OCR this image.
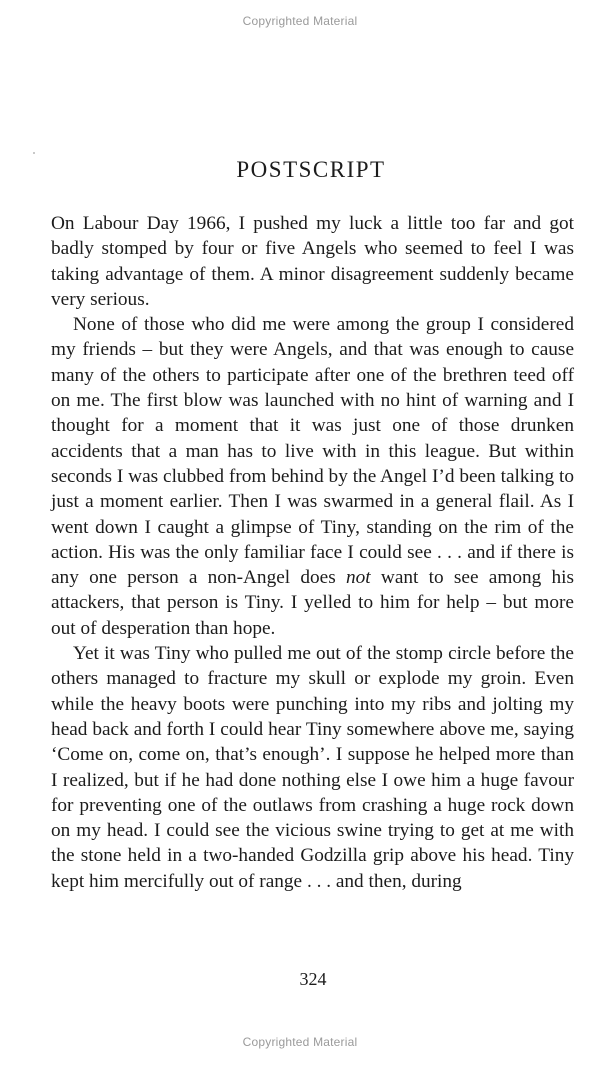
Copyrighted Material
POSTSCRIPT

On Labour Day 1966, I pushed my luck a little too far and got badly stomped by four or five Angels who seemed to feel I was taking advantage of them. A minor disagreement suddenly became very serious.

None of those who did me were among the group I considered my friends – but they were Angels, and that was enough to cause many of the others to participate after one of the brethren teed off on me. The first blow was launched with no hint of warning and I thought for a moment that it was just one of those drunken accidents that a man has to live with in this league. But within seconds I was clubbed from behind by the Angel I’d been talking to just a moment earlier. Then I was swarmed in a general flail. As I went down I caught a glimpse of Tiny, standing on the rim of the action. His was the only familiar face I could see . . . and if there is any one person a non-Angel does not want to see among his attackers, that person is Tiny. I yelled to him for help – but more out of desperation than hope.

Yet it was Tiny who pulled me out of the stomp circle before the others managed to fracture my skull or explode my groin. Even while the heavy boots were punching into my ribs and jolting my head back and forth I could hear Tiny somewhere above me, saying ‘Come on, come on, that’s enough’. I suppose he helped more than I realized, but if he had done nothing else I owe him a huge favour for preventing one of the outlaws from crashing a huge rock down on my head. I could see the vicious swine trying to get at me with the stone held in a two-handed Godzilla grip above his head. Tiny kept him mercifully out of range . . . and then, during

324
Copyrighted Material
